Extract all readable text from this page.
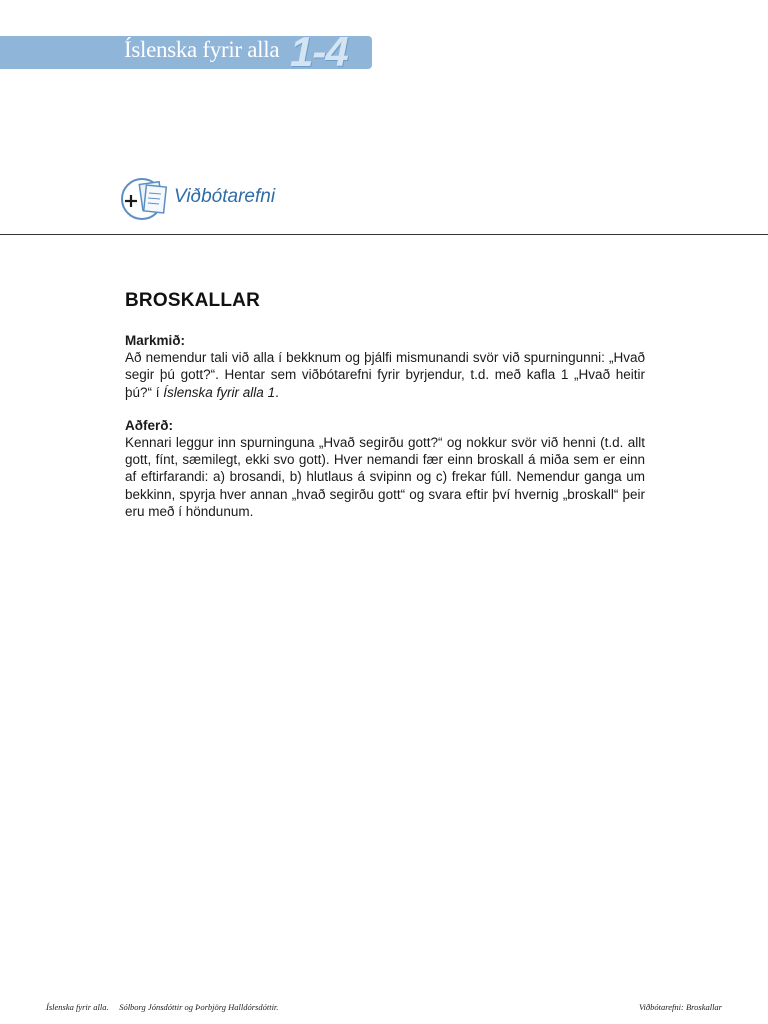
Íslenska fyrir alla 1-4
Viðbótarefni
BROSKALLAR

Markmið:

Að nemendur tali við alla í bekknum og þjálfi mismunandi svör við spurningunni: „Hvað segir þú gott?“. Hentar sem viðbótarefni fyrir byrjendur, t.d. með kafla 1 „Hvað heitir þú?“ í Íslenska fyrir alla 1.

Aðferð:

Kennari leggur inn spurninguna „Hvað segirðu gott?“ og nokkur svör við henni (t.d. allt gott, fínt, sæmilegt, ekki svo gott). Hver nemandi fær einn broskall á miða sem er einn af eftirfarandi: a) brosandi, b) hlutlaus á svipinn og c) frekar fúll. Nemendur ganga um bekkinn, spyrja hver annan „hvað segirðu gott“ og svara eftir því hvernig „broskall“ þeir eru með í höndunum.

Íslenska fyrir alla.     Sólborg Jónsdóttir og Þorbjörg Halldórsdóttir.	Viðbótarefni: Broskallar
